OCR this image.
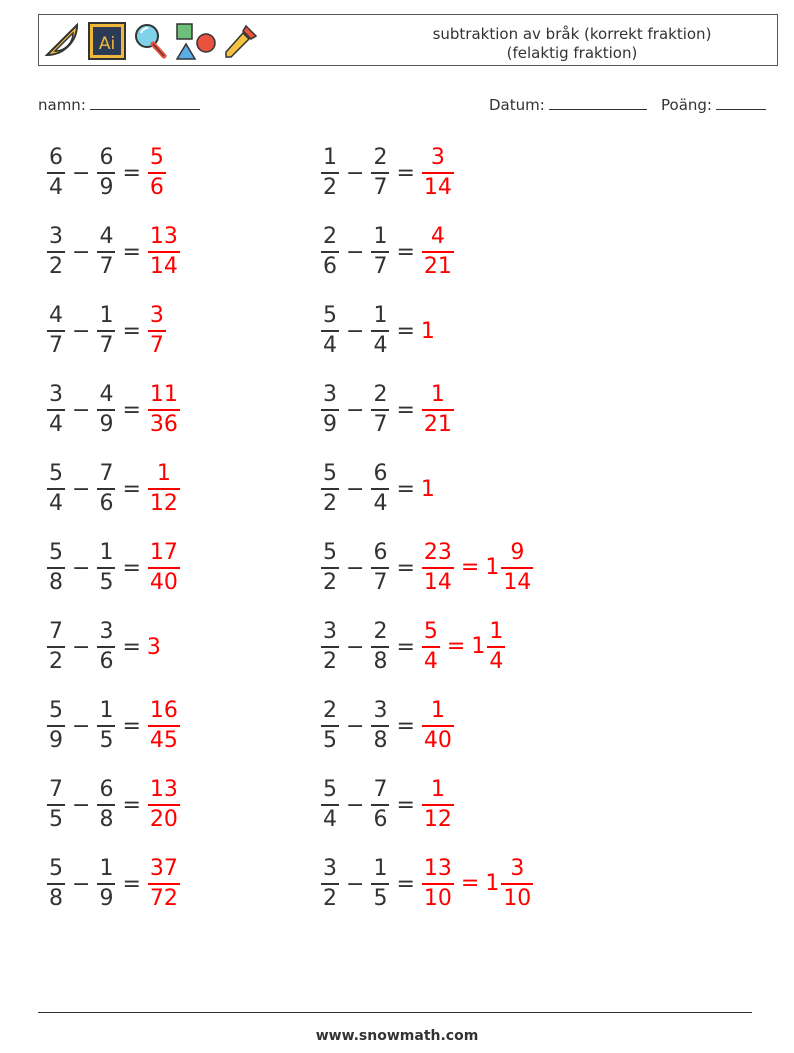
Ai	subtraktion av bråk (korrekt fraktion)
(felaktig fraktion)
namn:	Datum:	Poäng:
$\frac{6}{4} - \frac{6}{9} = \frac{5}{6}$	$\frac{1}{2} - \frac{2}{7} = \frac{3}{14}$
$\frac{3}{2} - \frac{4}{7} = \frac{13}{14}$	$\frac{2}{6} - \frac{1}{7} = \frac{4}{21}$
$\frac{4}{7} - \frac{1}{7} = \frac{3}{7}$	$\frac{5}{4} - \frac{1}{4} = 1$
$\frac{3}{4} - \frac{4}{9} = \frac{11}{36}$	$\frac{3}{9} - \frac{2}{7} = \frac{1}{21}$
$\frac{5}{4} - \frac{7}{6} = \frac{1}{12}$	$\frac{5}{2} - \frac{6}{4} = 1$
$\frac{5}{8} - \frac{1}{5} = \frac{17}{40}$	$\frac{5}{2} - \frac{6}{7} = \frac{23}{14} = 1 \frac{9}{14}$
$\frac{7}{2} - \frac{3}{6} = 3$	$\frac{3}{2} - \frac{2}{8} = \frac{5}{4} = 1 \frac{1}{4}$
$\frac{5}{9} - \frac{1}{5} = \frac{16}{45}$	$\frac{2}{5} - \frac{3}{8} = \frac{1}{40}$
$\frac{7}{5} - \frac{6}{8} = \frac{13}{20}$	$\frac{5}{4} - \frac{7}{6} = \frac{1}{12}$
$\frac{5}{8} - \frac{1}{9} = \frac{37}{72}$	$\frac{3}{2} - \frac{1}{5} = \frac{13}{10} = 1 \frac{3}{10}$
www.snowmath.com
